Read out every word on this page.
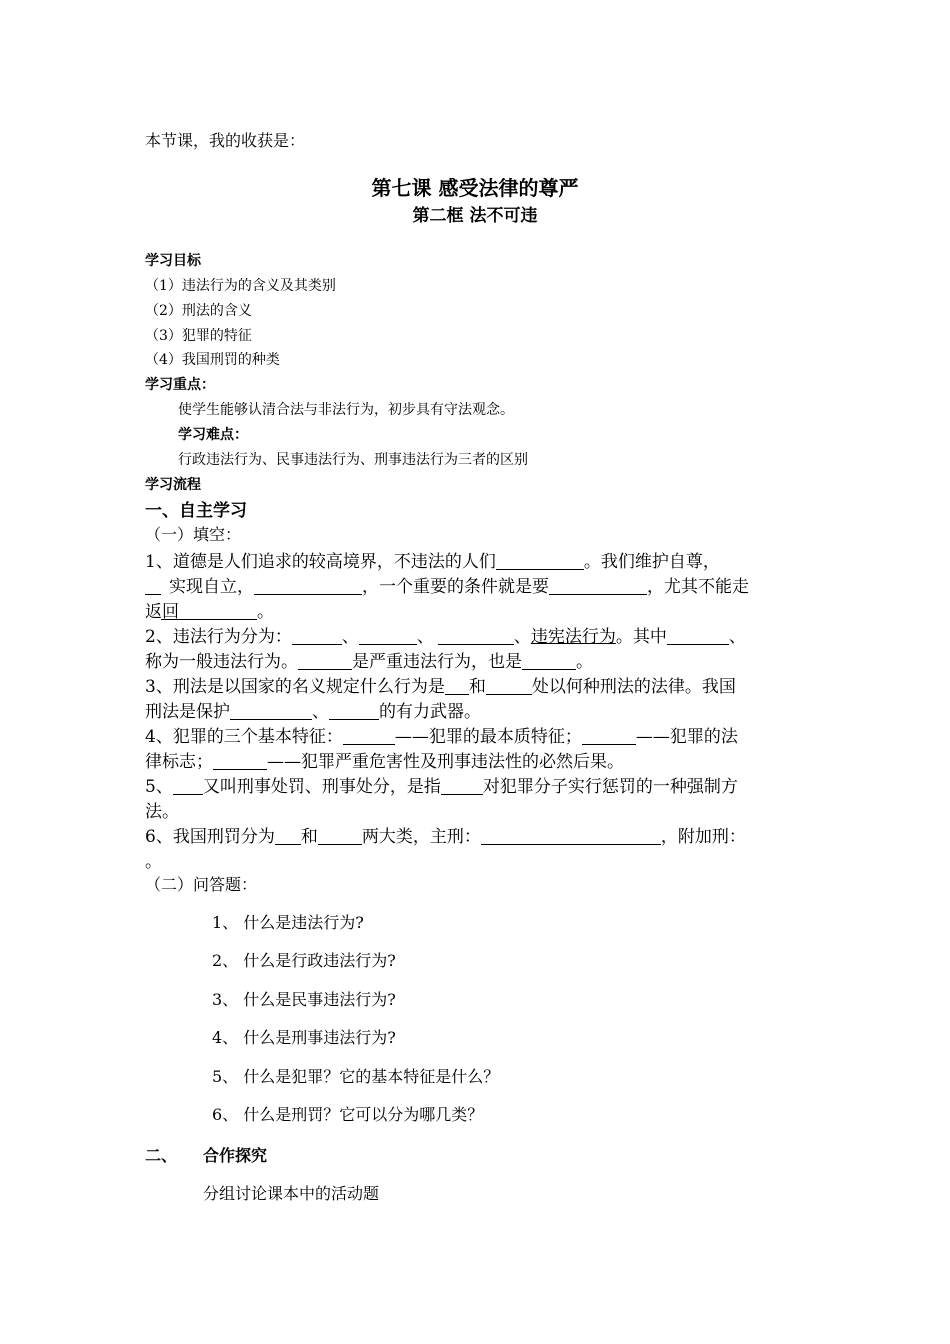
本节课，我的收获是：
第七课 感受法律的尊严
第二框 法不可违
学习目标
（1）违法行为的含义及其类别
（2）刑法的含义
（3）犯罪的特征
（4）我国刑罚的种类
学习重点：
使学生能够认清合法与非法行为，初步具有守法观念。
学习难点：
行政违法行为、民事违法行为、刑事违法行为三者的区别
学习流程
一、自主学习
（一）填空：
1、道德是人们追求的较高境界，不违法的人们	。我们维护自尊，
实现自立，	，一个重要的条件就是要	，尤其不能走
返回	。
2、违法行为分为：	、	、	、违宪法行为。其中	、
称为一般违法行为。	是严重违法行为，也是	。
3、刑法是以国家的名义规定什么行为是 和	处以何种刑法的法律。我国
刑法是保护	、	的有力武器。
4、犯罪的三个基本特征：	——犯罪的最本质特征；	——犯罪的法
律标志；	——犯罪严重危害性及刑事违法性的必然后果。
5、 又叫刑事处罚、刑事处分，是指 对犯罪分子实行惩罚的一种强制方
法。
6、我国刑罚分为 和	两大类，主刑：	，附加刑：
。
（二）问答题：
1、 什么是违法行为?
2、 什么是行政违法行为?
3、 什么是民事违法行为?
4、 什么是刑事违法行为?
5、 什么是犯罪？它的基本特征是什么？
6、 什么是刑罚？它可以分为哪几类？
二、 合作探究
分组讨论课本中的活动题
